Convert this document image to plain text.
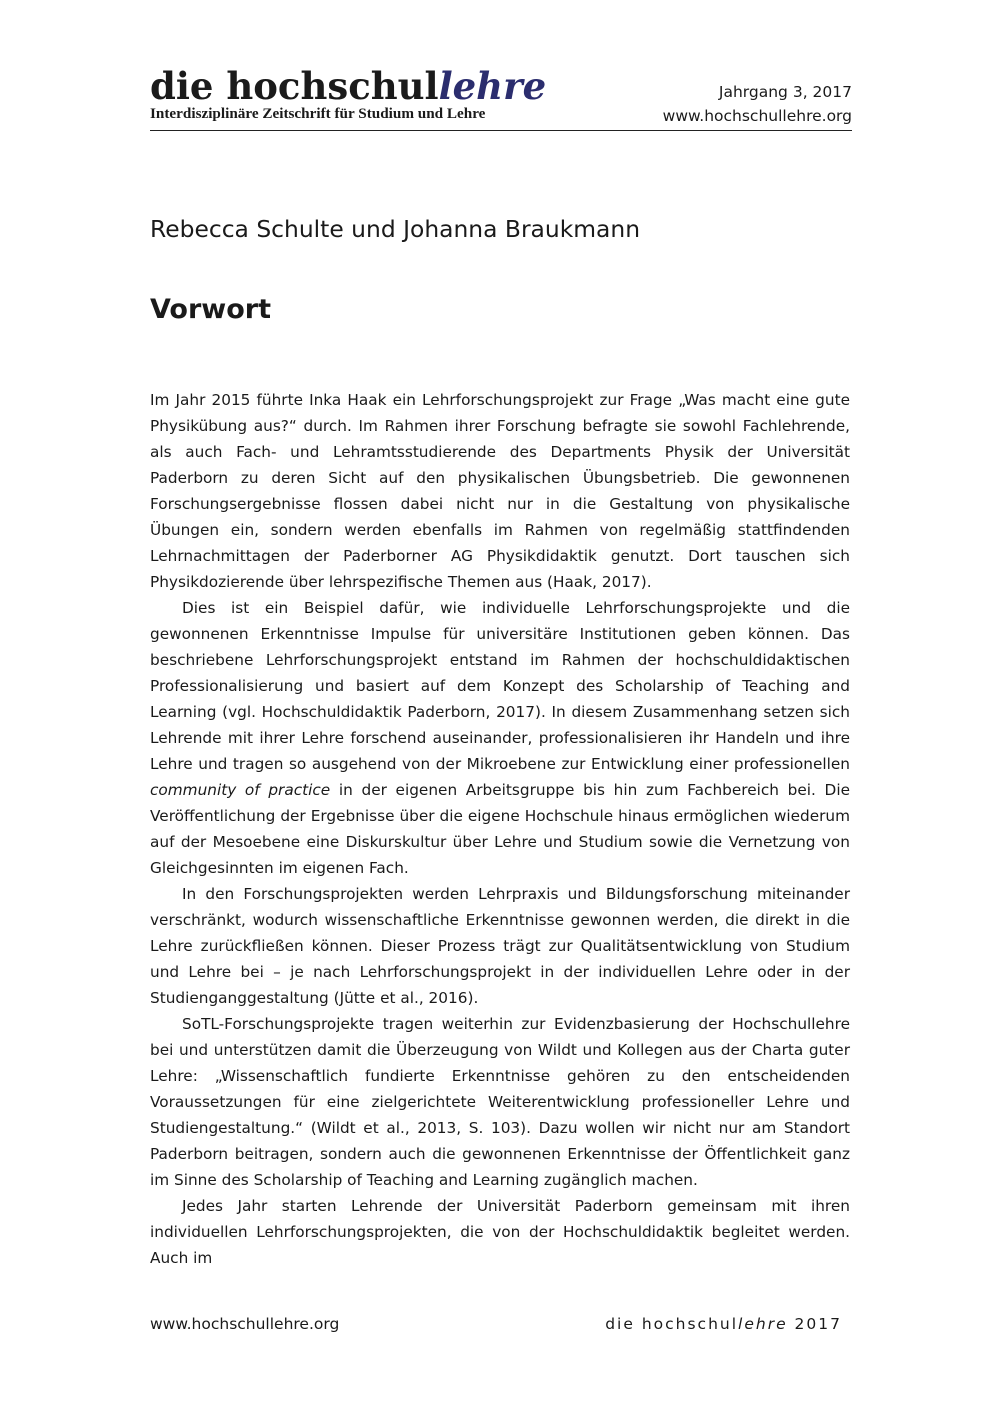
die hochschullehre
Interdisziplinäre Zeitschrift für Studium und Lehre
Jahrgang 3, 2017
www.hochschullehre.org
Rebecca Schulte und Johanna Braukmann
Vorwort

Im Jahr 2015 führte Inka Haak ein Lehrforschungsprojekt zur Frage „Was macht eine gute Physikübung aus?“ durch. Im Rahmen ihrer Forschung befragte sie sowohl Fachlehrende, als auch Fach- und Lehramtsstudierende des Departments Physik der Universität Paderborn zu deren Sicht auf den physikalischen Übungsbetrieb. Die gewonnenen Forschungsergebnisse flossen dabei nicht nur in die Gestaltung von physikalische Übungen ein, sondern werden ebenfalls im Rahmen von regelmäßig stattfindenden Lehrnachmittagen der Paderborner AG Physikdidaktik genutzt. Dort tauschen sich Physikdozierende über lehrspezifische Themen aus (Haak, 2017).

Dies ist ein Beispiel dafür, wie individuelle Lehrforschungsprojekte und die gewonnenen Erkenntnisse Impulse für universitäre Institutionen geben können. Das beschriebene Lehrforschungsprojekt entstand im Rahmen der hochschuldidaktischen Professionalisierung und basiert auf dem Konzept des Scholarship of Teaching and Learning (vgl. Hochschuldidaktik Paderborn, 2017). In diesem Zusammenhang setzen sich Lehrende mit ihrer Lehre forschend auseinander, professionalisieren ihr Handeln und ihre Lehre und tragen so ausgehend von der Mikroebene zur Entwicklung einer professionellen community of practice in der eigenen Arbeitsgruppe bis hin zum Fachbereich bei. Die Veröffentlichung der Ergebnisse über die eigene Hochschule hinaus ermöglichen wiederum auf der Mesoebene eine Diskurskultur über Lehre und Studium sowie die Vernetzung von Gleichgesinnten im eigenen Fach.

In den Forschungsprojekten werden Lehrpraxis und Bildungsforschung miteinander verschränkt, wodurch wissenschaftliche Erkenntnisse gewonnen werden, die direkt in die Lehre zurückfließen können. Dieser Prozess trägt zur Qualitätsentwicklung von Studium und Lehre bei – je nach Lehrforschungsprojekt in der individuellen Lehre oder in der Studienganggestaltung (Jütte et al., 2016).

SoTL-Forschungsprojekte tragen weiterhin zur Evidenzbasierung der Hochschullehre bei und unterstützen damit die Überzeugung von Wildt und Kollegen aus der Charta guter Lehre: „Wissenschaftlich fundierte Erkenntnisse gehören zu den entscheidenden Voraussetzungen für eine zielgerichtete Weiterentwicklung professioneller Lehre und Studiengestaltung.“ (Wildt et al., 2013, S. 103). Dazu wollen wir nicht nur am Standort Paderborn beitragen, sondern auch die gewonnenen Erkenntnisse der Öffentlichkeit ganz im Sinne des Scholarship of Teaching and Learning zugänglich machen.

Jedes Jahr starten Lehrende der Universität Paderborn gemeinsam mit ihren individuellen Lehrforschungsprojekten, die von der Hochschuldidaktik begleitet werden. Auch im

www.hochschullehre.org	die hochschullehre 2017
